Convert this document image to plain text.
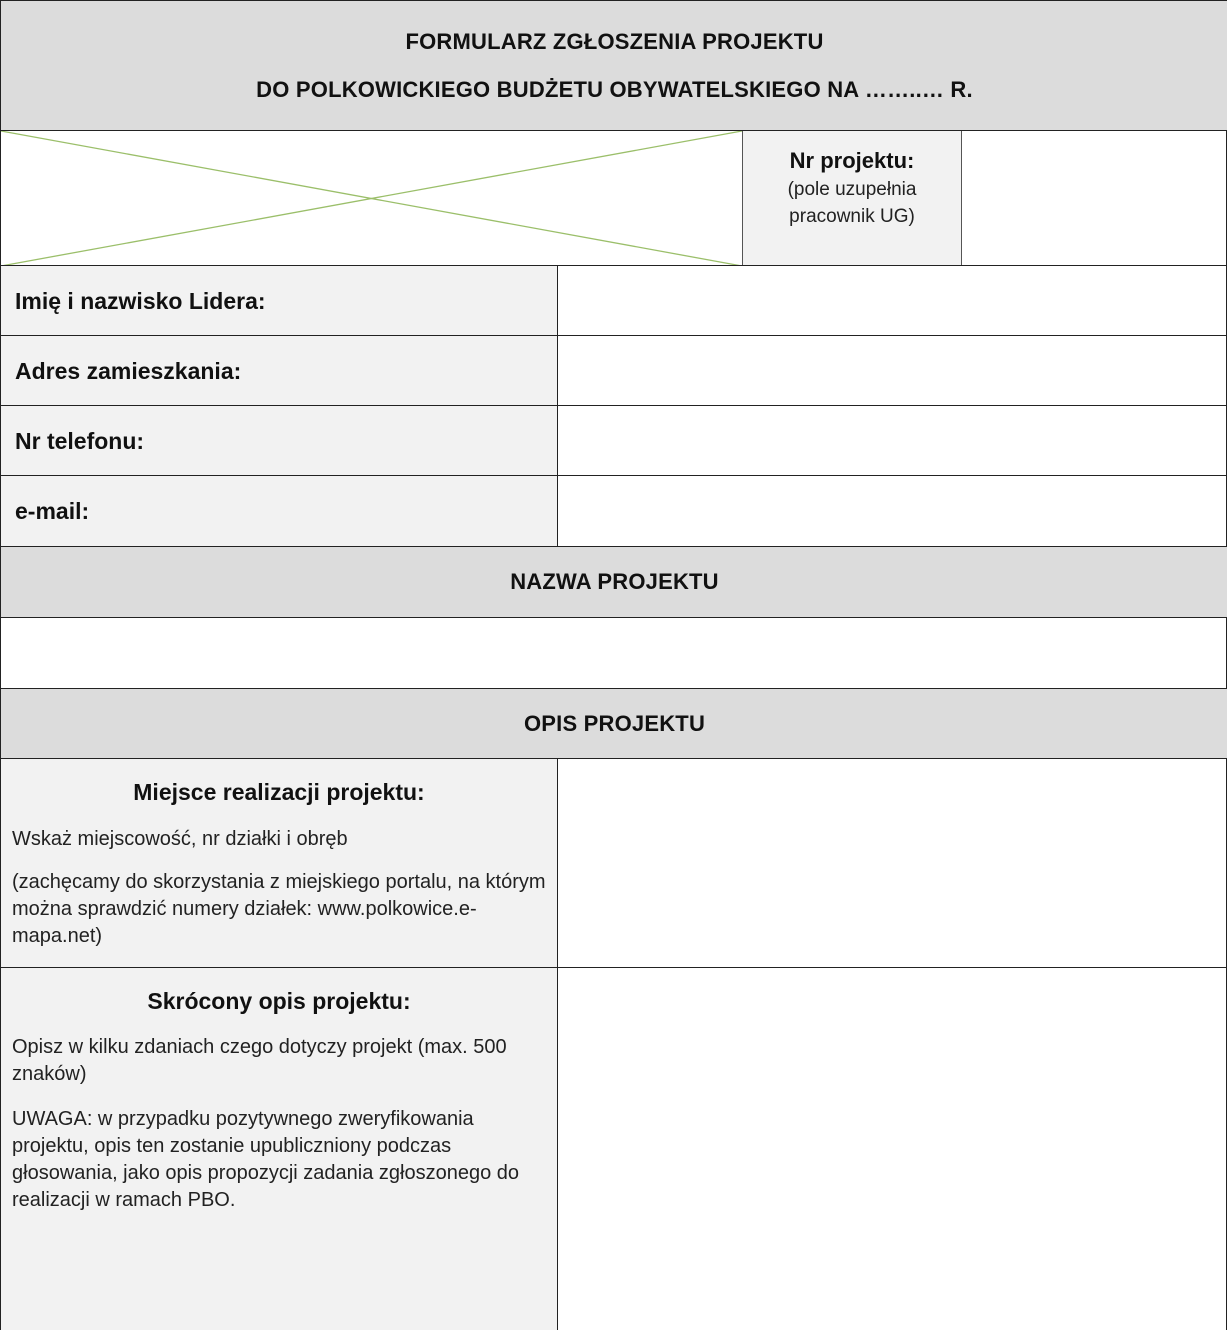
FORMULARZ ZGŁOSZENIA PROJEKTU
DO POLKOWICKIEGO BUDŻETU OBYWATELSKIEGO NA ……..… R.
Nr projektu:
(pole uzupełnia
pracownik UG)
Imię i nazwisko Lidera:
Adres zamieszkania:
Nr telefonu:
e-mail:
NAZWA PROJEKTU
OPIS PROJEKTU
Miejsce realizacji projektu:
Wskaż miejscowość, nr działki i obręb
(zachęcamy do skorzystania z miejskiego portalu, na którym można sprawdzić numery działek: www.polkowice.e-mapa.net)
Skrócony opis projektu:
Opisz w kilku zdaniach czego dotyczy projekt (max. 500 znaków)
UWAGA: w przypadku pozytywnego zweryfikowania projektu, opis ten zostanie upubliczniony podczas głosowania, jako opis propozycji zadania zgłoszonego do realizacji w ramach PBO.
